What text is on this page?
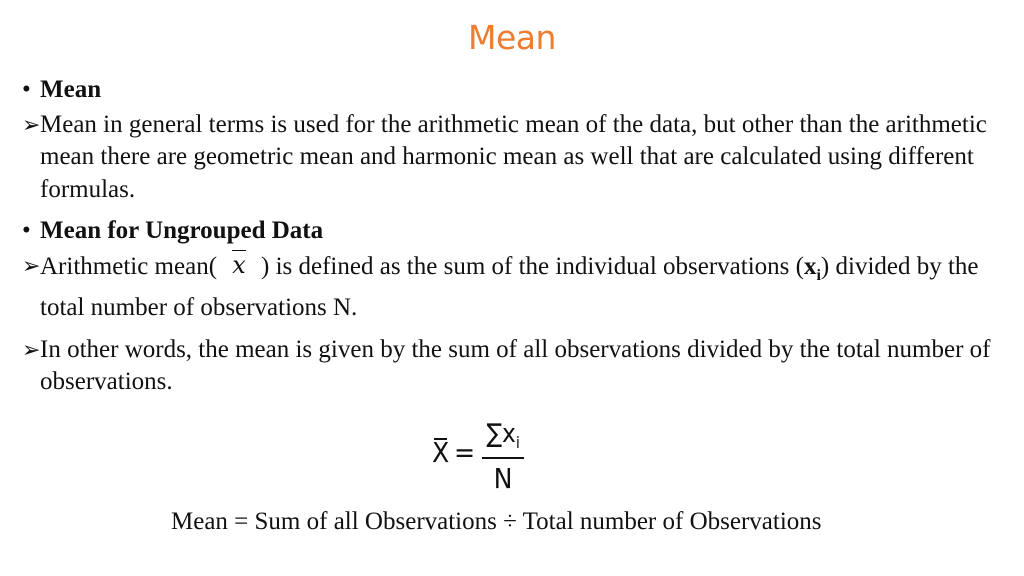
Mean
• Mean
➢ Mean in general terms is used for the arithmetic mean of the data, but other than the arithmetic mean there are geometric mean and harmonic mean as well that are calculated using different formulas.
• Mean for Ungrouped Data
➢ Arithmetic mean( x ) is defined as the sum of the individual observations $(x_i)$ divided by the total number of observations N.
➢ In other words, the mean is given by the sum of all observations divided by the total number of observations.
X =
$\sum x_i$
N
Mean = Sum of all Observations ÷ Total number of Observations
